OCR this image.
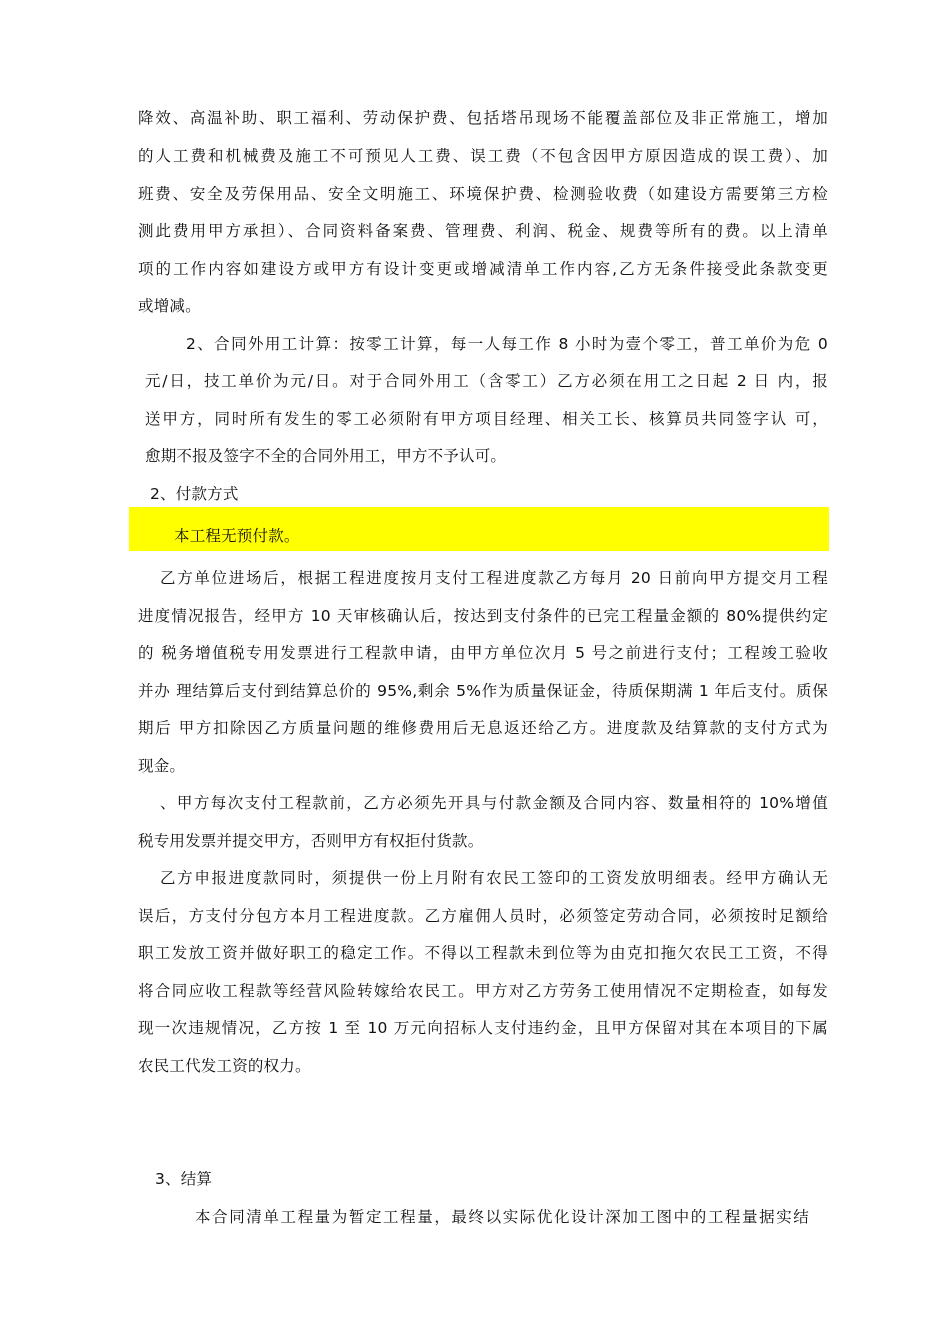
降效、高温补助、职工福利、劳动保护费、包括塔吊现场不能覆盖部位及非正常施工，增加
的人工费和机械费及施工不可预见人工费、误工费（不包含因甲方原因造成的误工费）、加
班费、安全及劳保用品、安全文明施工、环境保护费、检测验收费（如建设方需要第三方检
测此费用甲方承担）、合同资料备案费、管理费、利润、税金、规费等所有的费。以上清单
项的工作内容如建设方或甲方有设计变更或增减清单工作内容,乙方无条件接受此条款变更
或增减。
2、合同外用工计算：按零工计算，每一人每工作 8 小时为壹个零工，普工单价为危 0
元/日，技工单价为元/日。对于合同外用工（含零工）乙方必须在用工之日起 2 日 内，报
送甲方，同时所有发生的零工必须附有甲方项目经理、相关工长、核算员共同签字认 可，
愈期不报及签字不全的合同外用工，甲方不予认可。
2、付款方式
本工程无预付款。
乙方单位进场后，根据工程进度按月支付工程进度款乙方每月 20 日前向甲方提交月工程
进度情况报告，经甲方 10 天审核确认后，按达到支付条件的已完工程量金额的 80%提供约定
的 税务增值税专用发票进行工程款申请，由甲方单位次月 5 号之前进行支付；工程竣工验收
并办 理结算后支付到结算总价的 95%,剩余 5%作为质量保证金，待质保期满 1 年后支付。质保
期后 甲方扣除因乙方质量问题的维修费用后无息返还给乙方。进度款及结算款的支付方式为
现金。
、甲方每次支付工程款前，乙方必须先开具与付款金额及合同内容、数量相符的 10%增值
税专用发票并提交甲方，否则甲方有权拒付货款。
乙方申报进度款同时，须提供一份上月附有农民工签印的工资发放明细表。经甲方确认无
误后，方支付分包方本月工程进度款。乙方雇佣人员时，必须签定劳动合同，必须按时足额给
职工发放工资并做好职工的稳定工作。不得以工程款未到位等为由克扣拖欠农民工工资，不得
将合同应收工程款等经营风险转嫁给农民工。甲方对乙方劳务工使用情况不定期检查，如每发
现一次违规情况，乙方按 1 至 10 万元向招标人支付违约金，且甲方保留对其在本项目的下属
农民工代发工资的权力。
3、结算
本合同清单工程量为暂定工程量，最终以实际优化设计深加工图中的工程量据实结
